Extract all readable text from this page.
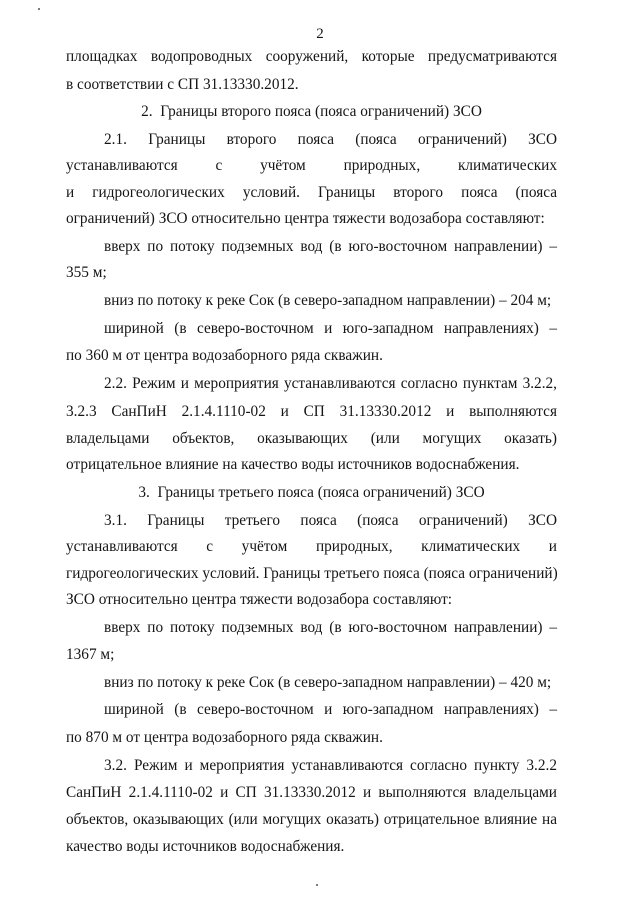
2
площадках водопроводных сооружений, которые предусматриваются
в соответствии с СП 31.13330.2012.
2. Границы второго пояса (пояса ограничений) ЗСО
2.1. Границы второго пояса (пояса ограничений) ЗСО
устанавливаются с учётом природных, климатических
и гидрогеологических условий. Границы второго пояса (пояса
ограничений) ЗСО относительно центра тяжести водозабора составляют:
вверх по потоку подземных вод (в юго-восточном направлении) –
355 м;
вниз по потоку к реке Сок (в северо-западном направлении) – 204 м;
шириной (в северо-восточном и юго-западном направлениях) –
по 360 м от центра водозаборного ряда скважин.
2.2. Режим и мероприятия устанавливаются согласно пунктам 3.2.2,
3.2.3 СанПиН 2.1.4.1110-02 и СП 31.13330.2012 и выполняются
владельцами объектов, оказывающих (или могущих оказать)
отрицательное влияние на качество воды источников водоснабжения.
3. Границы третьего пояса (пояса ограничений) ЗСО
3.1. Границы третьего пояса (пояса ограничений) ЗСО
устанавливаются с учётом природных, климатических и
гидрогеологических условий. Границы третьего пояса (пояса ограничений)
ЗСО относительно центра тяжести водозабора составляют:
вверх по потоку подземных вод (в юго-восточном направлении) –
1367 м;
вниз по потоку к реке Сок (в северо-западном направлении) – 420 м;
шириной (в северо-восточном и юго-западном направлениях) –
по 870 м от центра водозаборного ряда скважин.
3.2. Режим и мероприятия устанавливаются согласно пункту 3.2.2
СанПиН 2.1.4.1110-02 и СП 31.13330.2012 и выполняются владельцами
объектов, оказывающих (или могущих оказать) отрицательное влияние на
качество воды источников водоснабжения.
